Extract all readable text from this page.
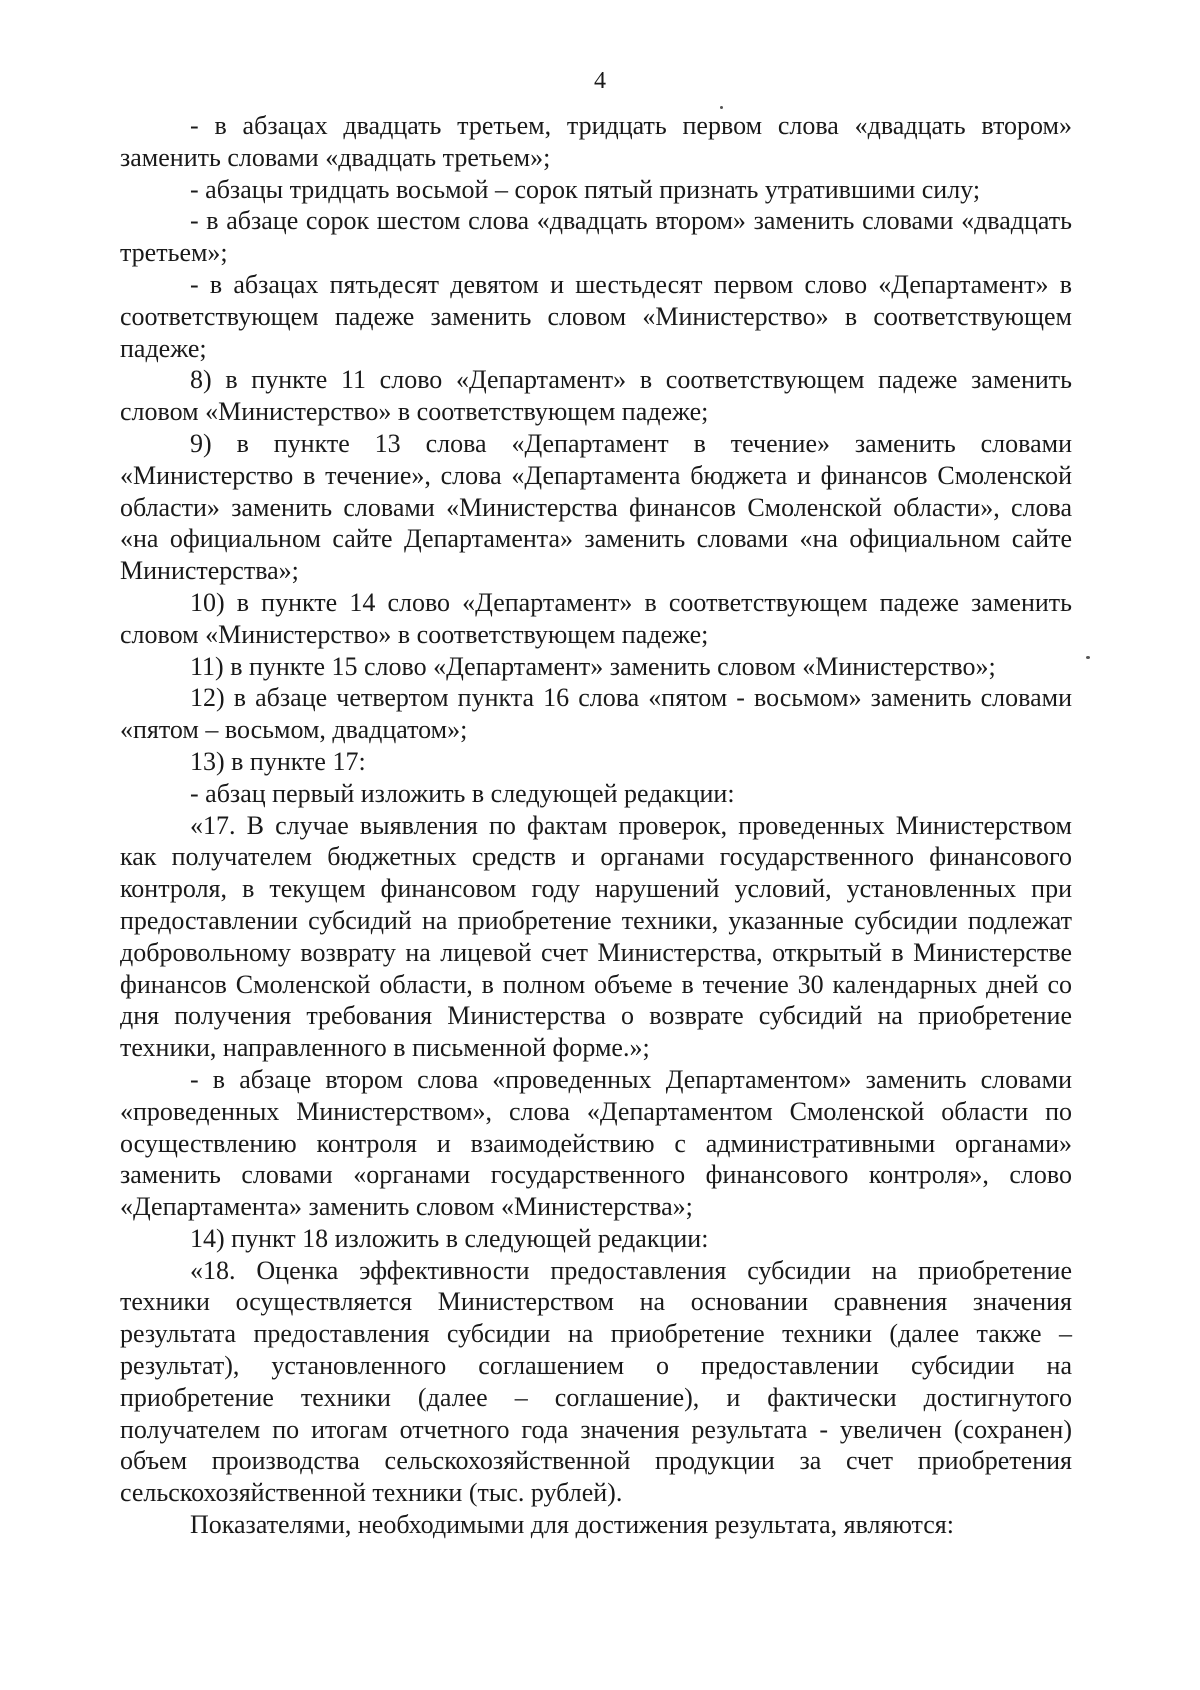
4

- в абзацах двадцать третьем, тридцать первом слова «двадцать втором» заменить словами «двадцать третьем»;

- абзацы тридцать восьмой – сорок пятый признать утратившими силу;

- в абзаце сорок шестом слова «двадцать втором» заменить словами «двадцать третьем»;

- в абзацах пятьдесят девятом и шестьдесят первом слово «Департамент» в соответствующем падеже заменить словом «Министерство» в соответствующем падеже;

8) в пункте 11 слово «Департамент» в соответствующем падеже заменить словом «Министерство» в соответствующем падеже;

9) в пункте 13 слова «Департамент в течение» заменить словами «Министерство в течение», слова «Департамента бюджета и финансов Смоленской области» заменить словами «Министерства финансов Смоленской области», слова «на официальном сайте Департамента» заменить словами «на официальном сайте Министерства»;

10) в пункте 14 слово «Департамент» в соответствующем падеже заменить словом «Министерство» в соответствующем падеже;

11) в пункте 15 слово «Департамент» заменить словом «Министерство»;

12) в абзаце четвертом пункта 16 слова «пятом - восьмом» заменить словами «пятом – восьмом, двадцатом»;

13) в пункте 17:

- абзац первый изложить в следующей редакции:

«17. В случае выявления по фактам проверок, проведенных Министерством как получателем бюджетных средств и органами государственного финансового контроля, в текущем финансовом году нарушений условий, установленных при предоставлении субсидий на приобретение техники, указанные субсидии подлежат добровольному возврату на лицевой счет Министерства, открытый в Министерстве финансов Смоленской области, в полном объеме в течение 30 календарных дней со дня получения требования Министерства о возврате субсидий на приобретение техники, направленного в письменной форме.»;

- в абзаце втором слова «проведенных Департаментом» заменить словами «проведенных Министерством», слова «Департаментом Смоленской области по осуществлению контроля и взаимодействию с административными органами» заменить словами «органами государственного финансового контроля», слово «Департамента» заменить словом «Министерства»;

14) пункт 18 изложить в следующей редакции:

«18. Оценка эффективности предоставления субсидии на приобретение техники осуществляется Министерством на основании сравнения значения результата предоставления субсидии на приобретение техники (далее также – результат), установленного соглашением о предоставлении субсидии на приобретение техники (далее – соглашение), и фактически достигнутого получателем по итогам отчетного года значения результата - увеличен (сохранен) объем производства сельскохозяйственной продукции за счет приобретения сельскохозяйственной техники (тыс. рублей).

Показателями, необходимыми для достижения результата, являются:
